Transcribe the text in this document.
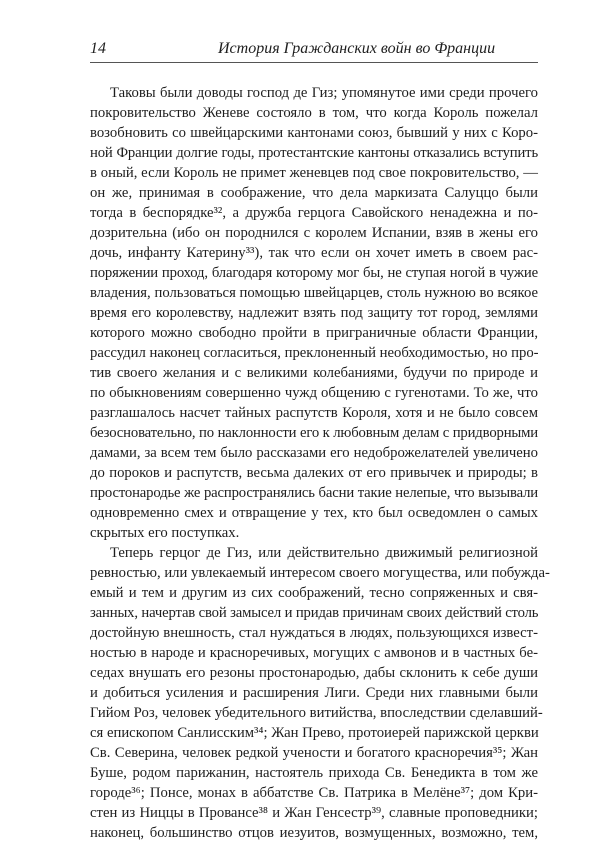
14	История Гражданских войн во Франции
Таковы были доводы господ де Гиз; упомянутое ими среди прочего
покровительство Женеве состояло в том, что когда Король пожелал
возобновить со швейцарскими кантонами союз, бывший у них с Коро-
ной Франции долгие годы, протестантские кантоны отказались вступить
в оный, если Король не примет женевцев под свое покровительство, —
он же, принимая в соображение, что дела маркизата Салуццо были
тогда в беспорядке³², а дружба герцога Савойского ненадежна и по-
дозрительна (ибо он породнился с королем Испании, взяв в жены его
дочь, инфанту Катерину³³), так что если он хочет иметь в своем рас-
поряжении проход, благодаря которому мог бы, не ступая ногой в чужие
владения, пользоваться помощью швейцарцев, столь нужною во всякое
время его королевству, надлежит взять под защиту тот город, землями
которого можно свободно пройти в приграничные области Франции,
рассудил наконец согласиться, преклоненный необходимостью, но про-
тив своего желания и с великими колебаниями, будучи по природе и
по обыкновениям совершенно чужд общению с гугенотами. То же, что
разглашалось насчет тайных распутств Короля, хотя и не было совсем
безосновательно, по наклонности его к любовным делам с придворными
дамами, за всем тем было рассказами его недоброжелателей увеличено
до пороков и распутств, весьма далеких от его привычек и природы; в
простонародье же распространялись басни такие нелепые, что вызывали
одновременно смех и отвращение у тех, кто был осведомлен о самых
скрытых его поступках.
Теперь герцог де Гиз, или действительно движимый религиозной
ревностью, или увлекаемый интересом своего могущества, или побужда-
емый и тем и другим из сих соображений, тесно сопряженных и свя-
занных, начертав свой замысел и придав причинам своих действий столь
достойную внешность, стал нуждаться в людях, пользующихся извест-
ностью в народе и красноречивых, могущих с амвонов и в частных бе-
седах внушать его резоны простонародью, дабы склонить к себе души
и добиться усиления и расширения Лиги. Среди них главными были
Гийом Роз, человек убедительного витийства, впоследствии сделавший-
ся епископом Санлисским³⁴; Жан Прево, протоиерей парижской церкви
Св. Северина, человек редкой учености и богатого красноречия³⁵; Жан
Буше, родом парижанин, настоятель прихода Св. Бенедикта в том же
городе³⁶; Понсе, монах в аббатстве Св. Патрика в Мелёне³⁷; дом Кри-
стен из Ниццы в Провансе³⁸ и Жан Генсестр³⁹, славные проповедники;
наконец, большинство отцов иезуитов, возмущенных, возможно, тем,
